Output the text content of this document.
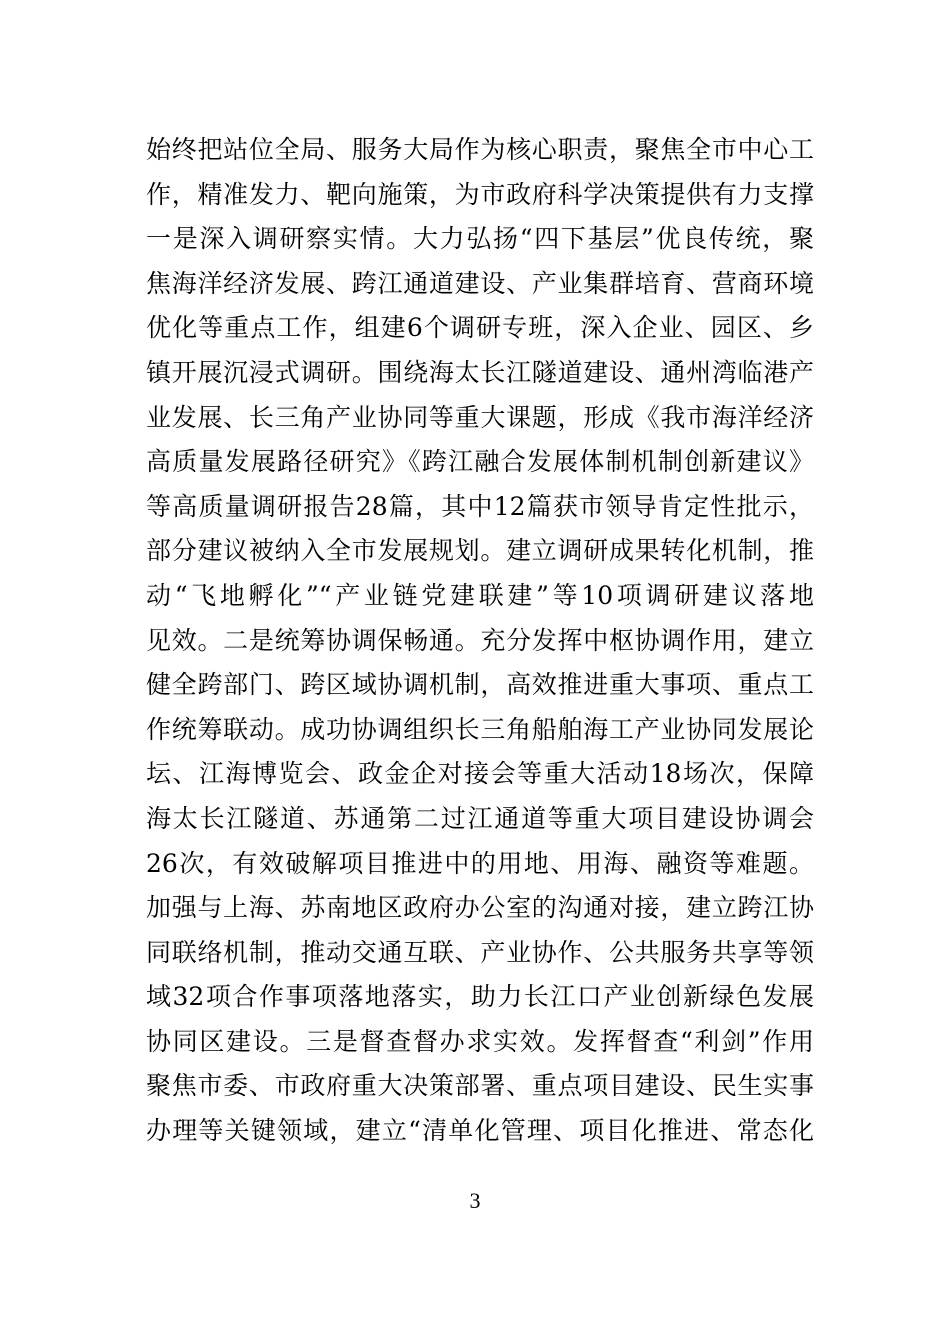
始终把站位全局、服务大局作为核心职责，聚焦全市中心工
作，精准发力、靶向施策，为市政府科学决策提供有力支撑
一是深入调研察实情。大力弘扬“四下基层”优良传统，聚
焦海洋经济发展、跨江通道建设、产业集群培育、营商环境
优化等重点工作，组建6个调研专班，深入企业、园区、乡
镇开展沉浸式调研。围绕海太长江隧道建设、通州湾临港产
业发展、长三角产业协同等重大课题，形成《我市海洋经济
高质量发展路径研究》《跨江融合发展体制机制创新建议》
等高质量调研报告28篇，其中12篇获市领导肯定性批示，
部分建议被纳入全市发展规划。建立调研成果转化机制，推
动“飞地孵化”“产业链党建联建”等10项调研建议落地
见效。二是统筹协调保畅通。充分发挥中枢协调作用，建立
健全跨部门、跨区域协调机制，高效推进重大事项、重点工
作统筹联动。成功协调组织长三角船舶海工产业协同发展论
坛、江海博览会、政金企对接会等重大活动18场次，保障
海太长江隧道、苏通第二过江通道等重大项目建设协调会
26次，有效破解项目推进中的用地、用海、融资等难题。
加强与上海、苏南地区政府办公室的沟通对接，建立跨江协
同联络机制，推动交通互联、产业协作、公共服务共享等领
域32项合作事项落地落实，助力长江口产业创新绿色发展
协同区建设。三是督查督办求实效。发挥督查“利剑”作用
聚焦市委、市政府重大决策部署、重点项目建设、民生实事
办理等关键领域，建立“清单化管理、项目化推进、常态化
3
